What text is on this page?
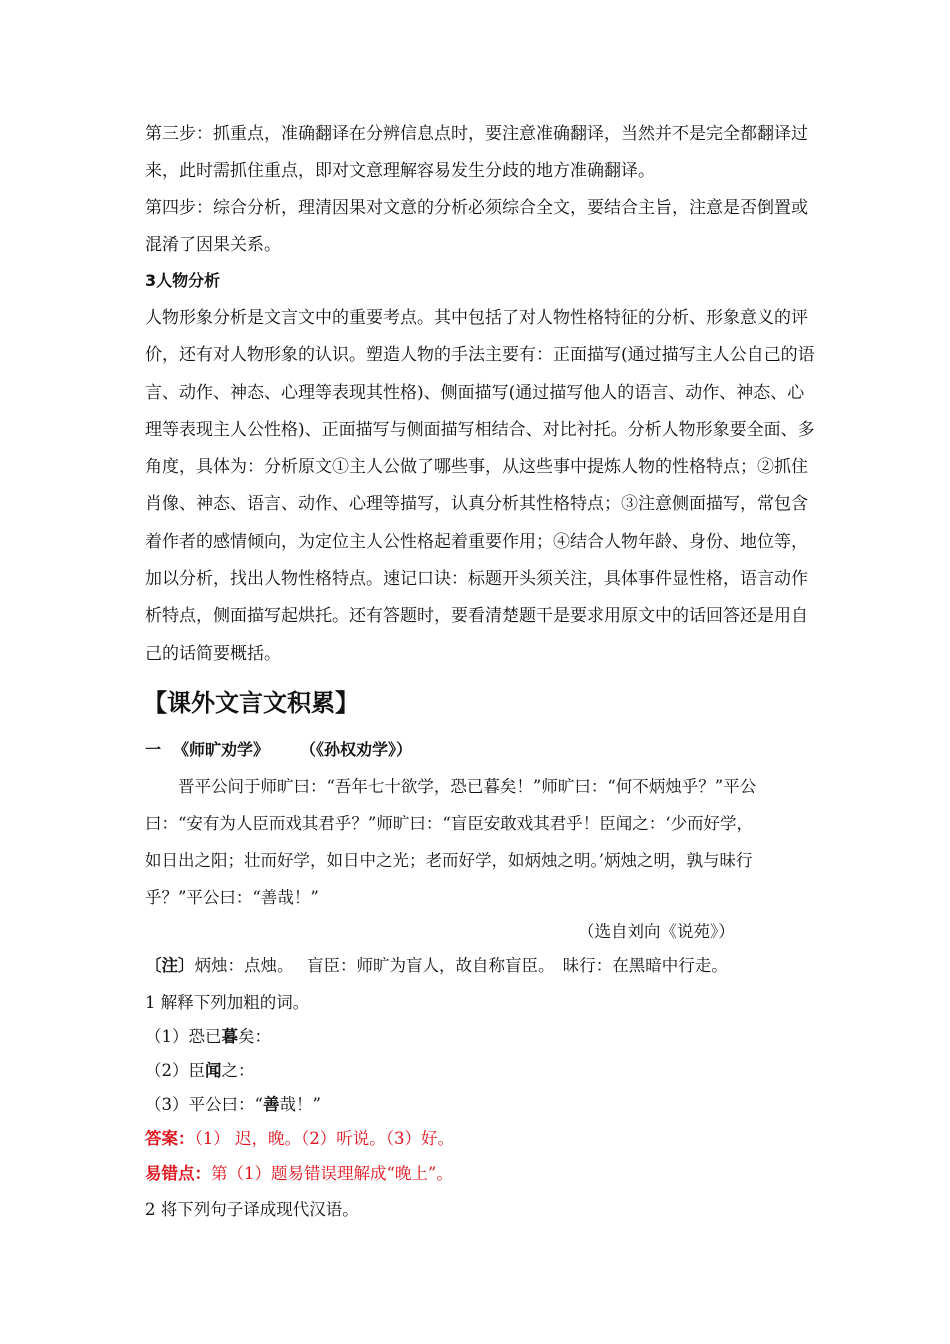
第三步：抓重点，准确翻译在分辨信息点时，要注意准确翻译，当然并不是完全都翻译过
来，此时需抓住重点，即对文意理解容易发生分歧的地方准确翻译。
第四步：综合分析，理清因果对文意的分析必须综合全文，要结合主旨，注意是否倒置或
混淆了因果关系。
3人物分析
人物形象分析是文言文中的重要考点。其中包括了对人物性格特征的分析、形象意义的评
价，还有对人物形象的认识。塑造人物的手法主要有：正面描写(通过描写主人公自己的语
言、动作、神态、心理等表现其性格)、侧面描写(通过描写他人的语言、动作、神态、心
理等表现主人公性格)、正面描写与侧面描写相结合、对比衬托。分析人物形象要全面、多
角度，具体为：分析原文①主人公做了哪些事，从这些事中提炼人物的性格特点；②抓住
肖像、神态、语言、动作、心理等描写，认真分析其性格特点；③注意侧面描写，常包含
着作者的感情倾向，为定位主人公性格起着重要作用；④结合人物年龄、身份、地位等，
加以分析，找出人物性格特点。速记口诀：标题开头须关注，具体事件显性格，语言动作
析特点，侧面描写起烘托。还有答题时，要看清楚题干是要求用原文中的话回答还是用自
己的话简要概括。
【课外文言文积累】
一 《师旷劝学》 （《孙权劝学》）
晋平公问于师旷曰：“吾年七十欲学，恐已暮矣！”师旷曰：“何不炳烛乎？”平公
曰：“安有为人臣而戏其君乎？”师旷曰：“盲臣安敢戏其君乎！臣闻之：‘少而好学，
如日出之阳；壮而好学，如日中之光；老而好学，如炳烛之明。’炳烛之明，孰与昧行
乎？”平公曰：“善哉！”
（选自刘向《说苑》）
〔注〕炳烛：点烛。　 盲臣：师旷为盲人，故自称盲臣。　昧行：在黑暗中行走。
1 解释下列加粗的词。
（1）恐已暮矣：
（2）臣闻之：
（3）平公曰：“善哉！”
答案：（1） 迟，晚。（2）听说。（3）好。
易错点：第（1）题易错误理解成“晚上”。
2 将下列句子译成现代汉语。
